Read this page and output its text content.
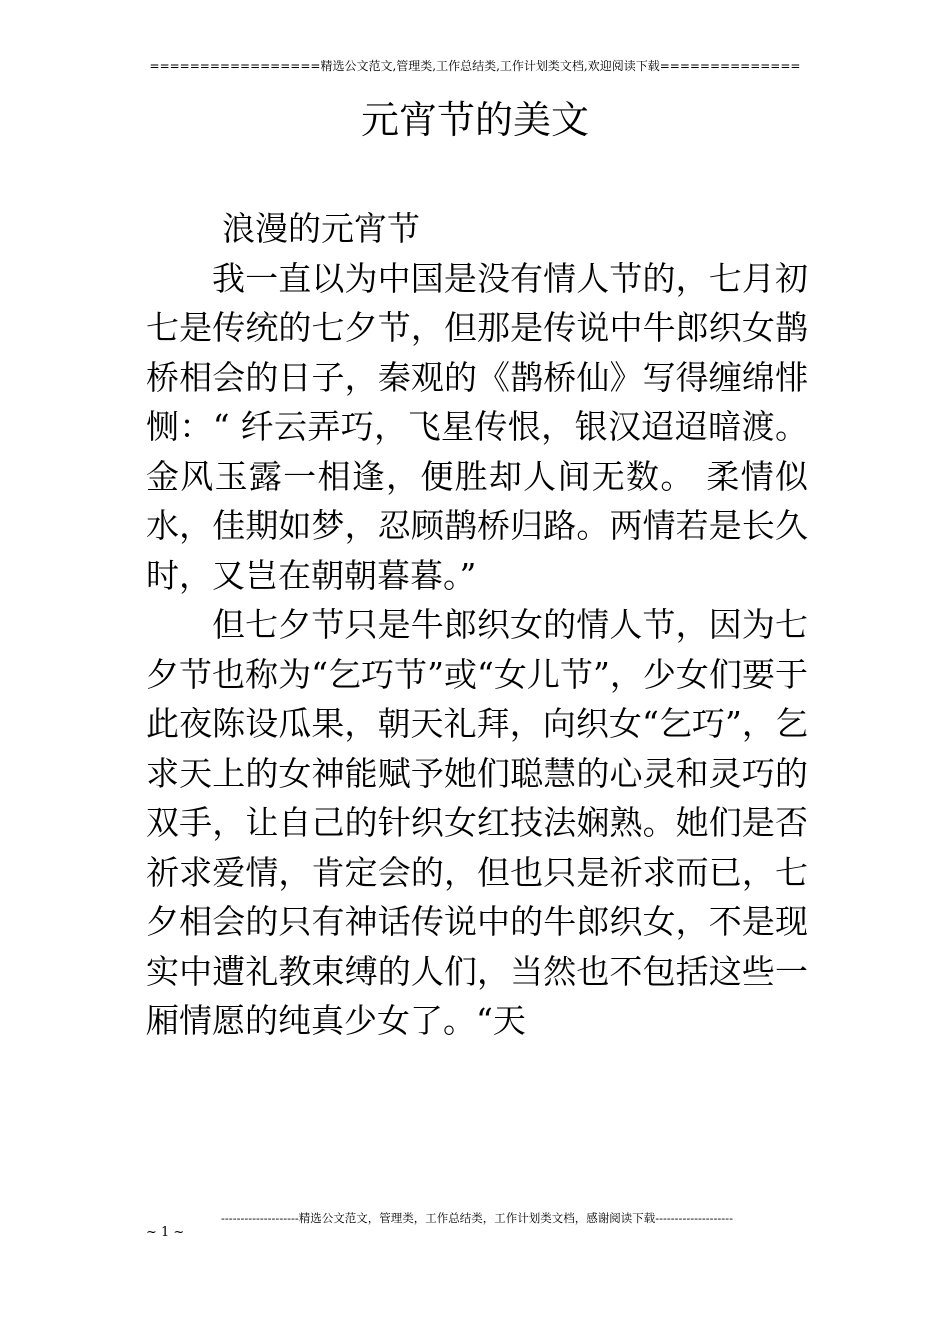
=================精选公文范文,管理类,工作总结类,工作计划类文档,欢迎阅读下载==============
元宵节的美文

浪漫的元宵节

我一直以为中国是没有情人节的，七月初七是传统的七夕节，但那是传说中牛郎织女鹊桥相会的日子，秦观的《鹊桥仙》写得缠绵悱恻：“ 纤云弄巧，飞星传恨，银汉迢迢暗渡。金风玉露一相逢，便胜却人间无数。 柔情似水，佳期如梦，忍顾鹊桥归路。两情若是长久时，又岂在朝朝暮暮。”

但七夕节只是牛郎织女的情人节，因为七夕节也称为“乞巧节”或“女儿节”，少女们要于此夜陈设瓜果，朝天礼拜，向织女“乞巧”，乞求天上的女神能赋予她们聪慧的心灵和灵巧的双手，让自己的针织女红技法娴熟。她们是否祈求爱情，肯定会的，但也只是祈求而已，七夕相会的只有神话传说中的牛郎织女，不是现实中遭礼教束缚的人们，当然也不包括这些一厢情愿的纯真少女了。“天

--------------------精选公文范文，管理类，工作总结类，工作计划类文档，感谢阅读下载--------------------
~ 1 ~
